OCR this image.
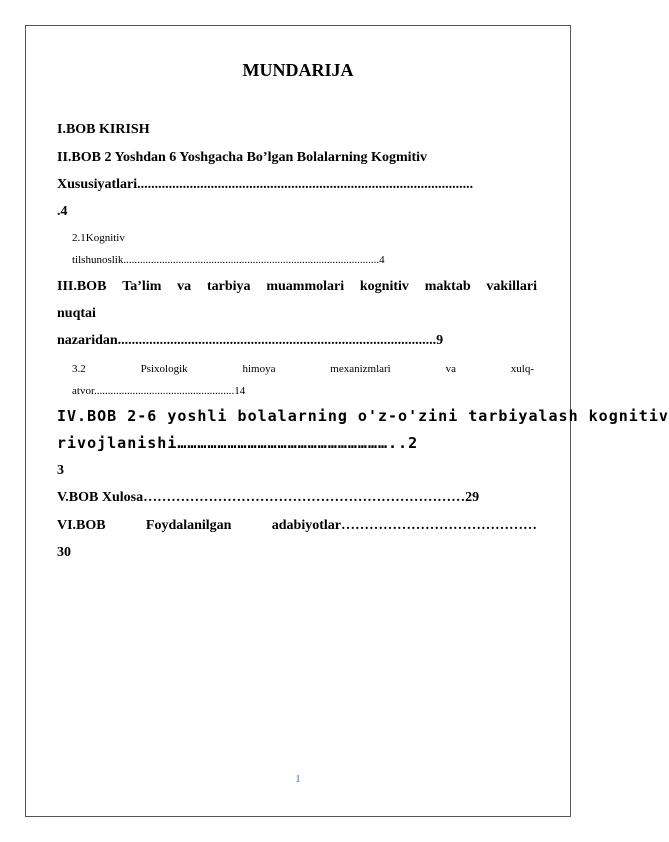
MUNDARIJA
I.BOB KIRISH
II.BOB 2 Yoshdan 6 Yoshgacha Bo’lgan Bolalarning Kogmitiv
Xususiyatlari................................................................................................
.4
2.1Kognitiv
tilshunoslik.............................................................................................4
III.BOB Ta’lim va tarbiya muammolari kognitiv maktab vakillari
nuqtai
nazaridan...........................................................................................9
3.2	Psixologik	himoya	mexanizmlari	va	xulq-
atvor...................................................14
IV.BOB 2-6 yoshli bolalarning o'z-o'zini tarbiyalash kognitiv
rivojlanishi………………………………………………………..2
3
V.BOB Xulosa……………………………………………………………29
VI.BOB	Foydalanilgan	adabiyotlar……………………………………
30
1
